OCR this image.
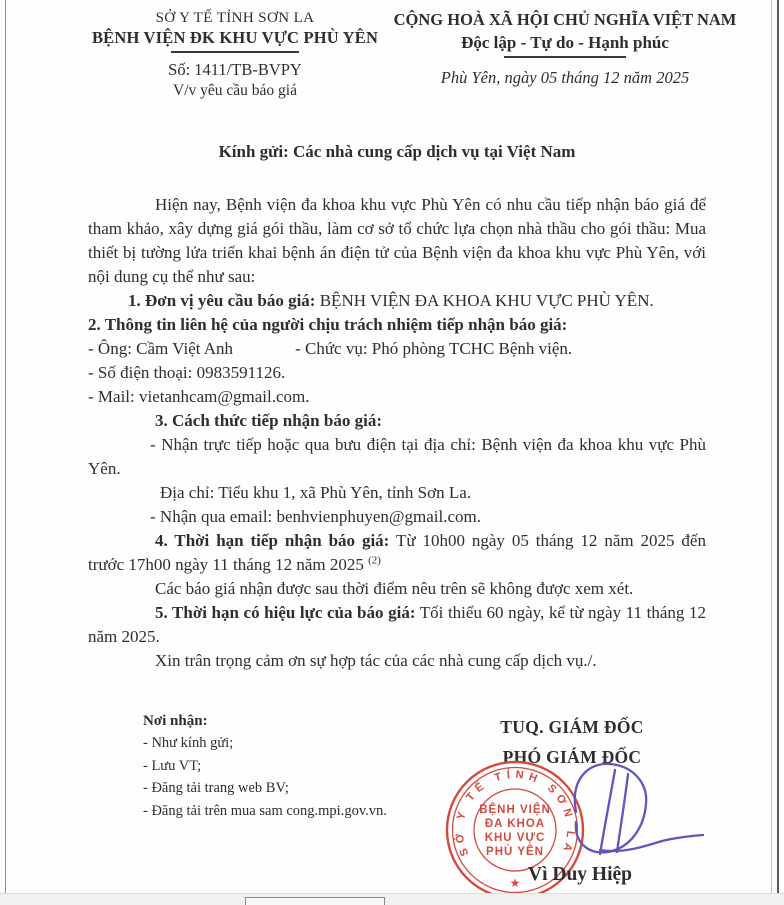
SỞ Y TẾ TỈNH SƠN LA
BỆNH VIỆN ĐK KHU VỰC PHÙ YÊN
Số: 1411/TB-BVPY
V/v yêu cầu báo giá
CỘNG HOÀ XÃ HỘI CHỦ NGHĨA VIỆT NAM
Độc lập - Tự do - Hạnh phúc
Phù Yên, ngày 05 tháng 12 năm 2025
Kính gửi: Các nhà cung cấp dịch vụ tại Việt Nam

Hiện nay, Bệnh viện đa khoa khu vực Phù Yên có nhu cầu tiếp nhận báo giá để tham khảo, xây dựng giá gói thầu, làm cơ sở tổ chức lựa chọn nhà thầu cho gói thầu: Mua thiết bị tường lửa triển khai bệnh án điện tử của Bệnh viện đa khoa khu vực Phù Yên, với nội dung cụ thể như sau:

1. Đơn vị yêu cầu báo giá: BỆNH VIỆN ĐA KHOA KHU VỰC PHÙ YÊN.

2. Thông tin liên hệ của người chịu trách nhiệm tiếp nhận báo giá:

- Ông: Cầm Việt Anh	- Chức vụ: Phó phòng TCHC Bệnh viện.

- Số điện thoại: 0983591126.

- Mail: vietanhcam@gmail.com.

3. Cách thức tiếp nhận báo giá:

- Nhận trực tiếp hoặc qua bưu điện tại địa chỉ: Bệnh viện đa khoa khu vực Phù Yên.

Địa chỉ: Tiểu khu 1, xã Phù Yên, tỉnh Sơn La.

- Nhận qua email: benhvienphuyen@gmail.com.

4. Thời hạn tiếp nhận báo giá: Từ 10h00 ngày 05 tháng 12 năm 2025 đến trước 17h00 ngày 11 tháng 12 năm 2025 $^{(2)}$

Các báo giá nhận được sau thời điểm nêu trên sẽ không được xem xét.

5. Thời hạn có hiệu lực của báo giá: Tối thiểu 60 ngày, kể từ ngày 11 tháng 12 năm 2025.

Xin trân trọng cảm ơn sự hợp tác của các nhà cung cấp dịch vụ./.

Nơi nhận:
- Như kính gửi;
- Lưu VT;
- Đăng tải trang web BV;
- Đăng tải trên mua sam cong.mpi.gov.vn.
TUQ. GIÁM ĐỐC
PHÓ GIÁM ĐỐC
SỞ Y TẾ TỈNH SƠN LA
BỆNH VIỆN
ĐA KHOA
KHU VỰC
PHÙ YÊN
★ Vì Duy Hiệp
